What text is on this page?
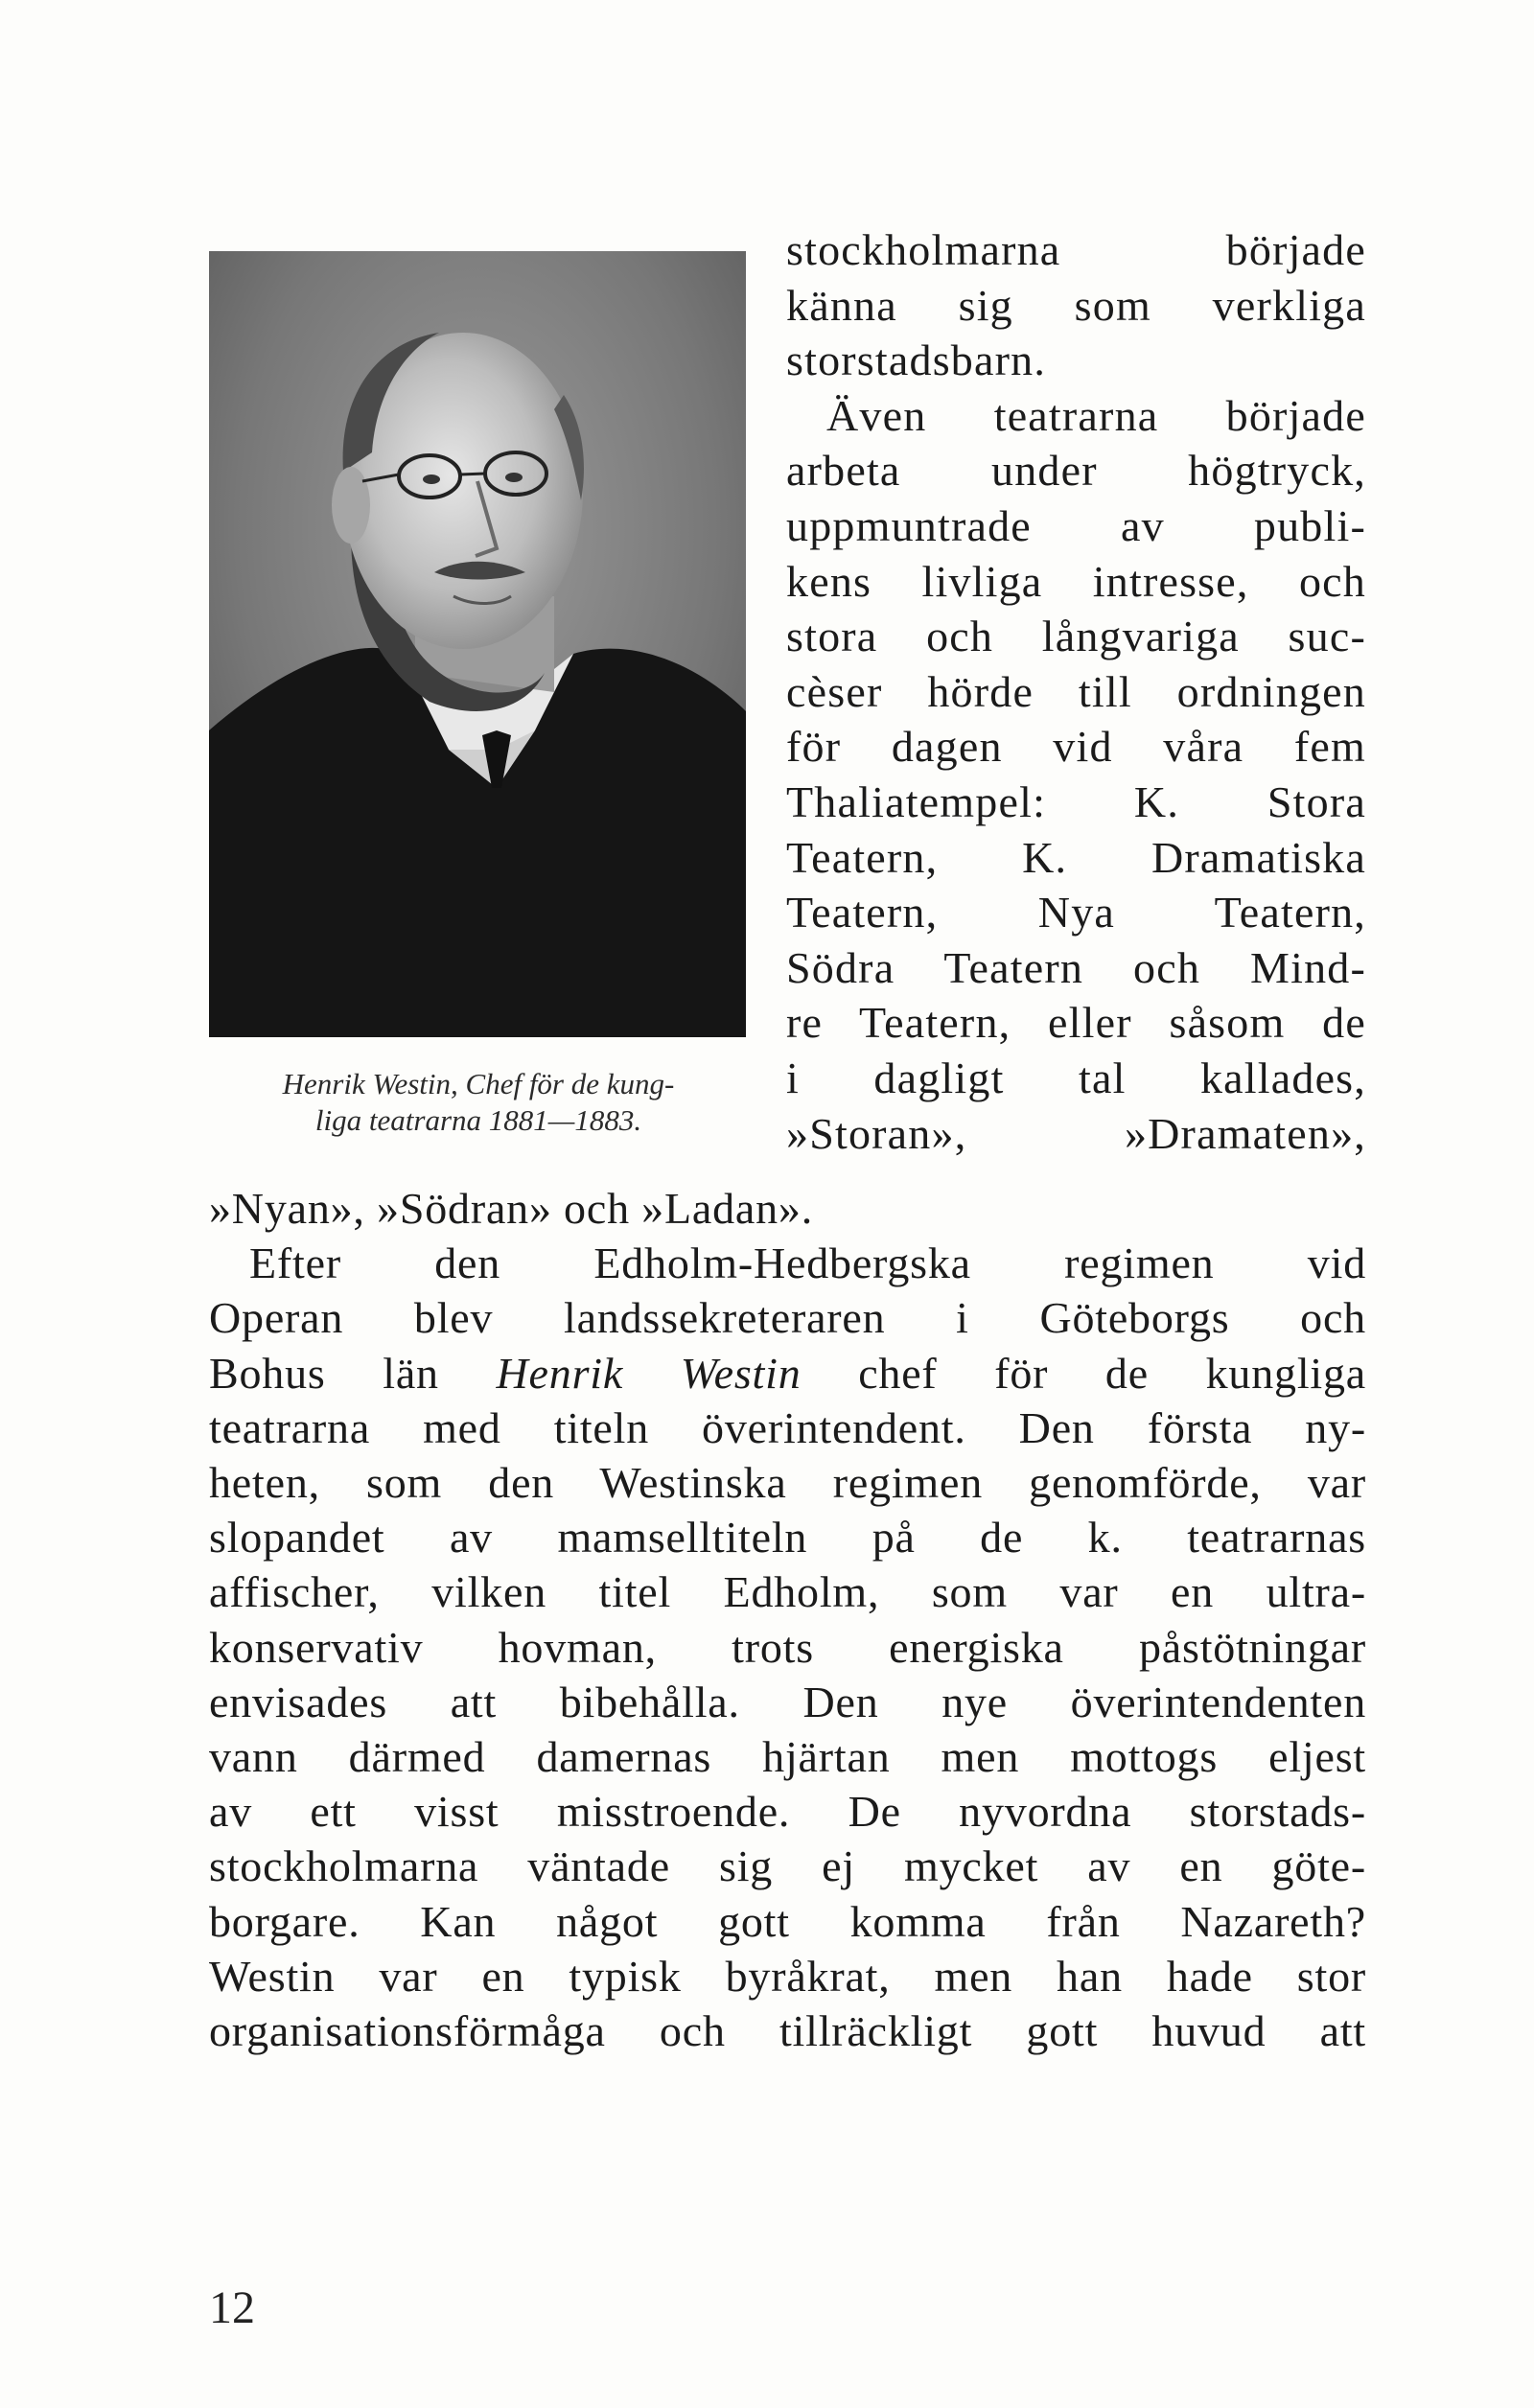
Henrik Westin, Chef för de kung-
liga teatrarna 1881—1883.
stockholmarna började
känna sig som verkliga
storstadsbarn.
Även teatrarna började
arbeta under högtryck,
uppmuntrade av publi-
kens livliga intresse, och
stora och långvariga suc-
cèser hörde till ordningen
för dagen vid våra fem
Thaliatempel: K. Stora
Teatern, K. Dramatiska
Teatern, Nya Teatern,
Södra Teatern och Mind-
re Teatern, eller såsom de
i dagligt tal kallades,
»Storan», »Dramaten»,
»Nyan», »Södran» och »Ladan».
Efter den Edholm-Hedbergska regimen vid
Operan blev landssekreteraren i Göteborgs och
Bohus län Henrik Westin chef för de kungliga
teatrarna med titeln överintendent. Den första ny-
heten, som den Westinska regimen genomförde, var
slopandet av mamselltiteln på de k. teatrarnas
affischer, vilken titel Edholm, som var en ultra-
konservativ hovman, trots energiska påstötningar
envisades att bibehålla. Den nye överintendenten
vann därmed damernas hjärtan men mottogs eljest
av ett visst misstroende. De nyvordna storstads-
stockholmarna väntade sig ej mycket av en göte-
borgare. Kan något gott komma från Nazareth?
Westin var en typisk byråkrat, men han hade stor
organisationsförmåga och tillräckligt gott huvud att
12
